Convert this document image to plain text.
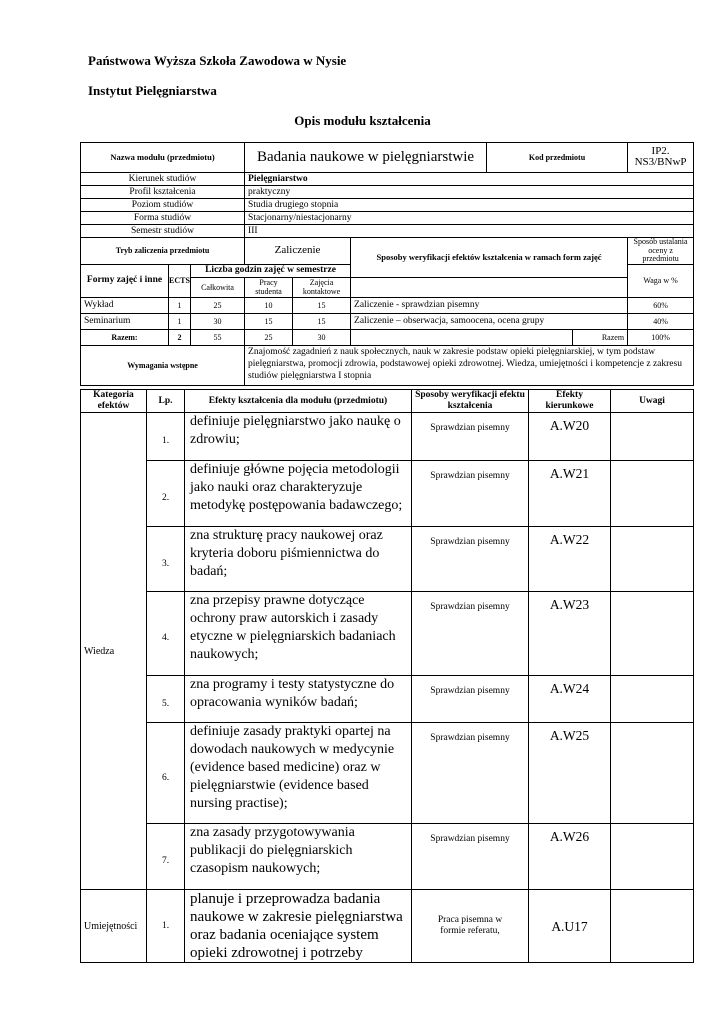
Państwowa Wyższa Szkoła Zawodowa w Nysie
Instytut Pielęgniarstwa
Opis modułu kształcenia
Nazwa modułu (przedmiotu)			Badania naukowe w pielęgniarstwie			Kod przedmiotu		IP2. NS3/BNwP
Kierunek studiów			Pielęgniarstwo					
Profil kształcenia			praktyczny					
Poziom studiów			Studia drugiego stopnia					
Forma studiów			Stacjonarny/niestacjonarny					
Semestr studiów			III					
Tryb zaliczenia przedmiotu			Zaliczenie		Sposoby weryfikacji efektów kształcenia w ramach form zajęć			Sposób ustalania oceny z przedmiotu
Formy zajęć i inne	ECTS	Liczba godzin zajęć w semestrze						Waga w %
		Całkowita	Pracy studenta	Zajęcia kontaktowe				
Wykład	1	25	10	15	Zaliczenie - sprawdzian pisemny			60%
Seminarium	1	30	15	15	Zaliczenie – obserwacja, samoocena, ocena grupy			40%
Razem:	2	55	25	30			Razem	100%
Wymagania wstępne			Znajomość zagadnień z nauk społecznych, nauk w zakresie podstaw opieki pielęgniarskiej, w tym podstaw pielęgniarstwa, promocji zdrowia, podstawowej opieki zdrowotnej. Wiedza, umiejętności i kompetencje z zakresu studiów pielęgniarstwa I stopnia					
Kategoria efektów	Lp.	Efekty kształcenia dla modułu (przedmiotu)	Sposoby weryfikacji efektu kształcenia	Efekty kierunkowe	Uwagi
Wiedza	1.	definiuje pielęgniarstwo jako naukę o zdrowiu;	Sprawdzian pisemny	A.W20	
	2.	definiuje główne pojęcia metodologii jako nauki oraz charakteryzuje metodykę postępowania badawczego;	Sprawdzian pisemny	A.W21	
	3.	zna strukturę pracy naukowej oraz kryteria doboru piśmiennictwa do badań;	Sprawdzian pisemny	A.W22	
	4.	zna przepisy prawne dotyczące ochrony praw autorskich i zasady etyczne w pielęgniarskich badaniach naukowych;	Sprawdzian pisemny	A.W23	
	5.	zna programy i testy statystyczne do opracowania wyników badań;	Sprawdzian pisemny	A.W24	
	6.	definiuje zasady praktyki opartej na dowodach naukowych w medycynie (evidence based medicine) oraz w pielęgniarstwie (evidence based nursing practise);	Sprawdzian pisemny	A.W25	
	7.	zna zasady przygotowywania publikacji do pielęgniarskich czasopism naukowych;	Sprawdzian pisemny	A.W26	
Umiejętności	1.	planuje i przeprowadza badania naukowe w zakresie pielęgniarstwa oraz badania oceniające system opieki zdrowotnej i potrzeby	Praca pisemna w formie referatu,	A.U17	
